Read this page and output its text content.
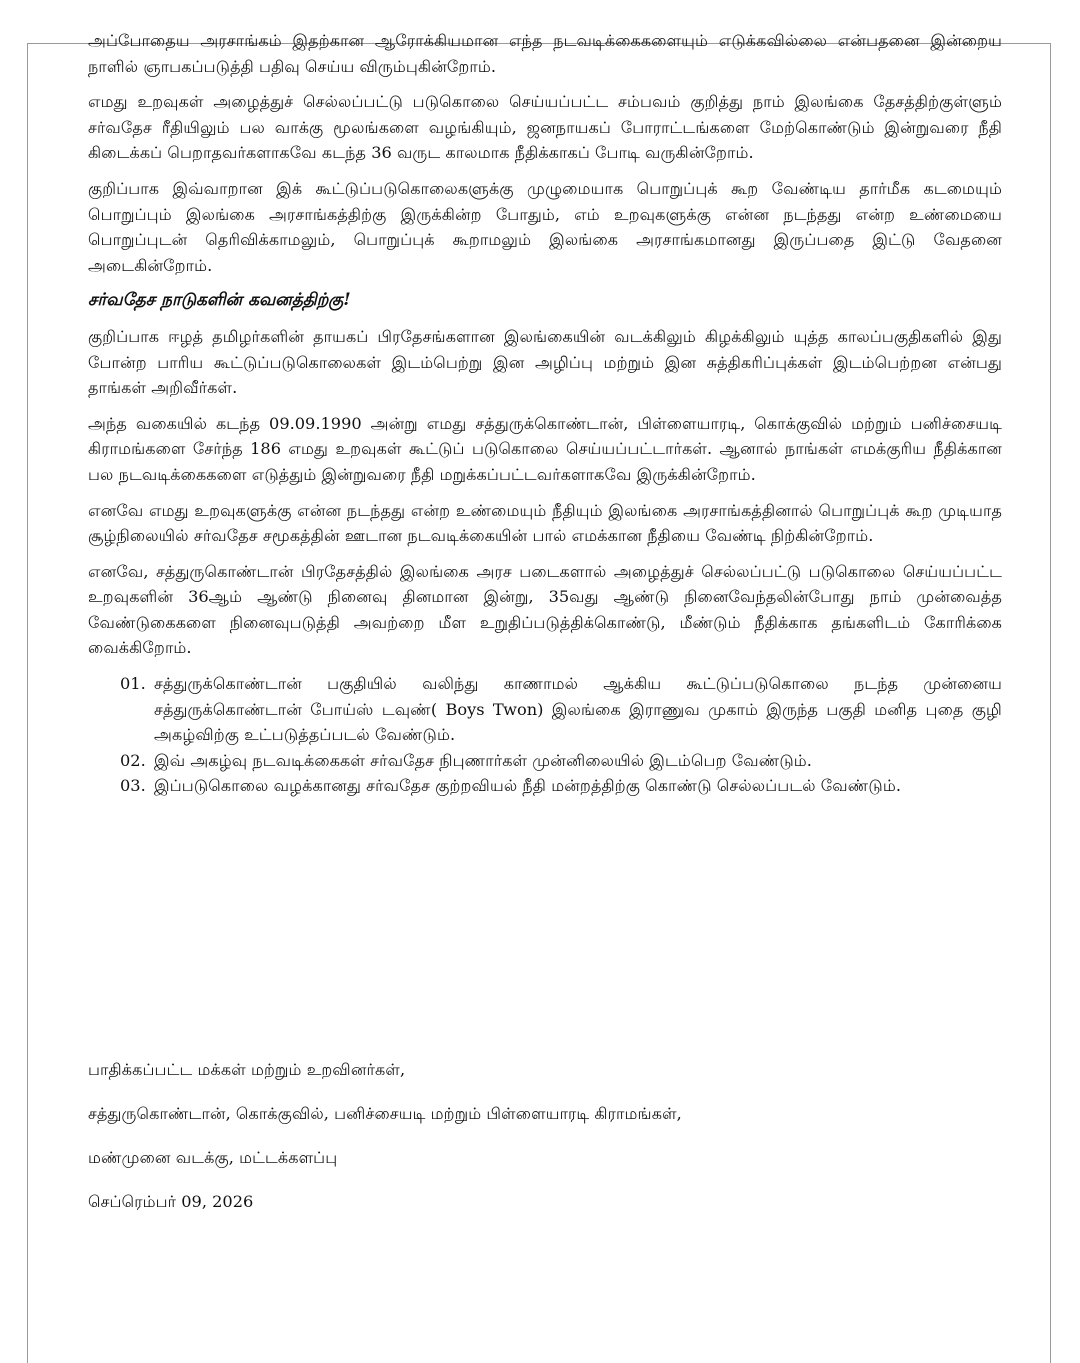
அப்போதைய அரசாங்கம் இதற்கான ஆரோக்கியமான எந்த நடவடிக்கைகளையும் எடுக்கவில்லை என்பதனை இன்றைய நாளில் ஞாபகப்படுத்தி பதிவு செய்ய விரும்புகின்றோம்.

எமது உறவுகள் அழைத்துச் செல்லப்பட்டு படுகொலை செய்யப்பட்ட சம்பவம் குறித்து நாம் இலங்கை தேசத்திற்குள்ளும் சர்வதேச ரீதியிலும் பல வாக்கு மூலங்களை வழங்கியும், ஜனநாயகப் போராட்டங்களை மேற்கொண்டும் இன்றுவரை நீதி கிடைக்கப் பெறாதவர்களாகவே கடந்த 36 வருட காலமாக நீதிக்காகப் போடி வருகின்றோம்.

குறிப்பாக இவ்வாறான இக் கூட்டுப்படுகொலைகளுக்கு முழுமையாக பொறுப்புக் கூற வேண்டிய தார்மீக கடமையும் பொறுப்பும் இலங்கை அரசாங்கத்திற்கு இருக்கின்ற போதும், எம் உறவுகளுக்கு என்ன நடந்தது என்ற உண்மையை பொறுப்புடன் தெரிவிக்காமலும், பொறுப்புக் கூறாமலும் இலங்கை அரசாங்கமானது இருப்பதை இட்டு வேதனை அடைகின்றோம்.

சர்வதேச நாடுகளின் கவனத்திற்கு!

குறிப்பாக ஈழத் தமிழர்களின் தாயகப் பிரதேசங்களான இலங்கையின் வடக்கிலும் கிழக்கிலும் யுத்த காலப்பகுதிகளில் இது போன்ற பாரிய கூட்டுப்படுகொலைகள் இடம்பெற்று இன அழிப்பு மற்றும் இன சுத்திகரிப்புக்கள் இடம்பெற்றன என்பது தாங்கள் அறிவீர்கள்.

அந்த வகையில் கடந்த 09.09.1990 அன்று எமது சத்துருக்கொண்டான், பிள்ளையாரடி, கொக்குவில் மற்றும் பனிச்சையடி கிராமங்களை சேர்ந்த 186 எமது உறவுகள் கூட்டுப் படுகொலை செய்யப்பட்டார்கள். ஆனால் நாங்கள் எமக்குரிய நீதிக்கான பல நடவடிக்கைகளை எடுத்தும் இன்றுவரை நீதி மறுக்கப்பட்டவர்களாகவே இருக்கின்றோம்.

எனவே எமது உறவுகளுக்கு என்ன நடந்தது என்ற உண்மையும் நீதியும் இலங்கை அரசாங்கத்தினால் பொறுப்புக் கூற முடியாத சூழ்நிலையில் சர்வதேச சமூகத்தின் ஊடான நடவடிக்கையின் பால் எமக்கான நீதியை வேண்டி நிற்கின்றோம்.

எனவே, சத்துருகொண்டான் பிரதேசத்தில் இலங்கை அரச படைகளால் அழைத்துச் செல்லப்பட்டு படுகொலை செய்யப்பட்ட உறவுகளின் 36ஆம் ஆண்டு நினைவு தினமான இன்று, 35வது ஆண்டு நினைவேந்தலின்போது நாம் முன்வைத்த வேண்டுகைகளை நினைவுபடுத்தி அவற்றை மீள உறுதிப்படுத்திக்கொண்டு, மீண்டும் நீதிக்காக தங்களிடம் கோரிக்கை வைக்கிறோம்.

01. சத்துருக்கொண்டான் பகுதியில் வலிந்து காணாமல் ஆக்கிய கூட்டுப்படுகொலை நடந்த முன்னைய சத்துருக்கொண்டான் போய்ஸ் டவுண்( Boys Twon) இலங்கை இராணுவ முகாம் இருந்த பகுதி மனித புதை குழி அகழ்விற்கு உட்படுத்தப்படல் வேண்டும்.
02. இவ் அகழ்வு நடவடிக்கைகள் சர்வதேச நிபுணார்கள் முன்னிலையில் இடம்பெற வேண்டும்.
03. இப்படுகொலை வழக்கானது சர்வதேச குற்றவியல் நீதி மன்றத்திற்கு கொண்டு செல்லப்படல் வேண்டும்.
பாதிக்கப்பட்ட மக்கள் மற்றும் உறவினர்கள்,
சத்துருகொண்டான், கொக்குவில், பனிச்சையடி மற்றும் பிள்ளையாரடி கிராமங்கள்,
மண்முனை வடக்கு, மட்டக்களப்பு
செப்ரெம்பர் 09, 2026
